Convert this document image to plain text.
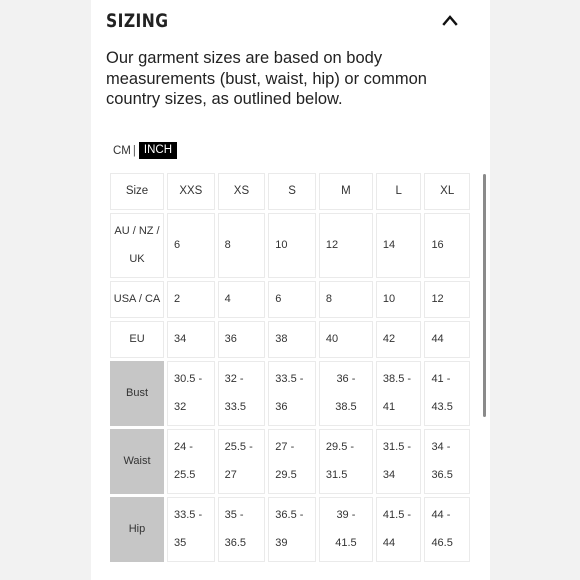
SIZING
Our garment sizes are based on body measurements (bust, waist, hip) or common country sizes, as outlined below.
CM | INCH
Size	XXS	XS	S	M	L	XL
AU / NZ / UK	6	8	10	12	14	16
USA / CA	2	4	6	8	10	12
EU	34	36	38	40	42	44
Bust	30.5 - 32	32 - 33.5	33.5 - 36	36 - 38.5	38.5 - 41	41 - 43.5
Waist	24 - 25.5	25.5 - 27	27 - 29.5	29.5 - 31.5	31.5 - 34	34 - 36.5
Hip	33.5 - 35	35 - 36.5	36.5 - 39	39 - 41.5	41.5 - 44	44 - 46.5
